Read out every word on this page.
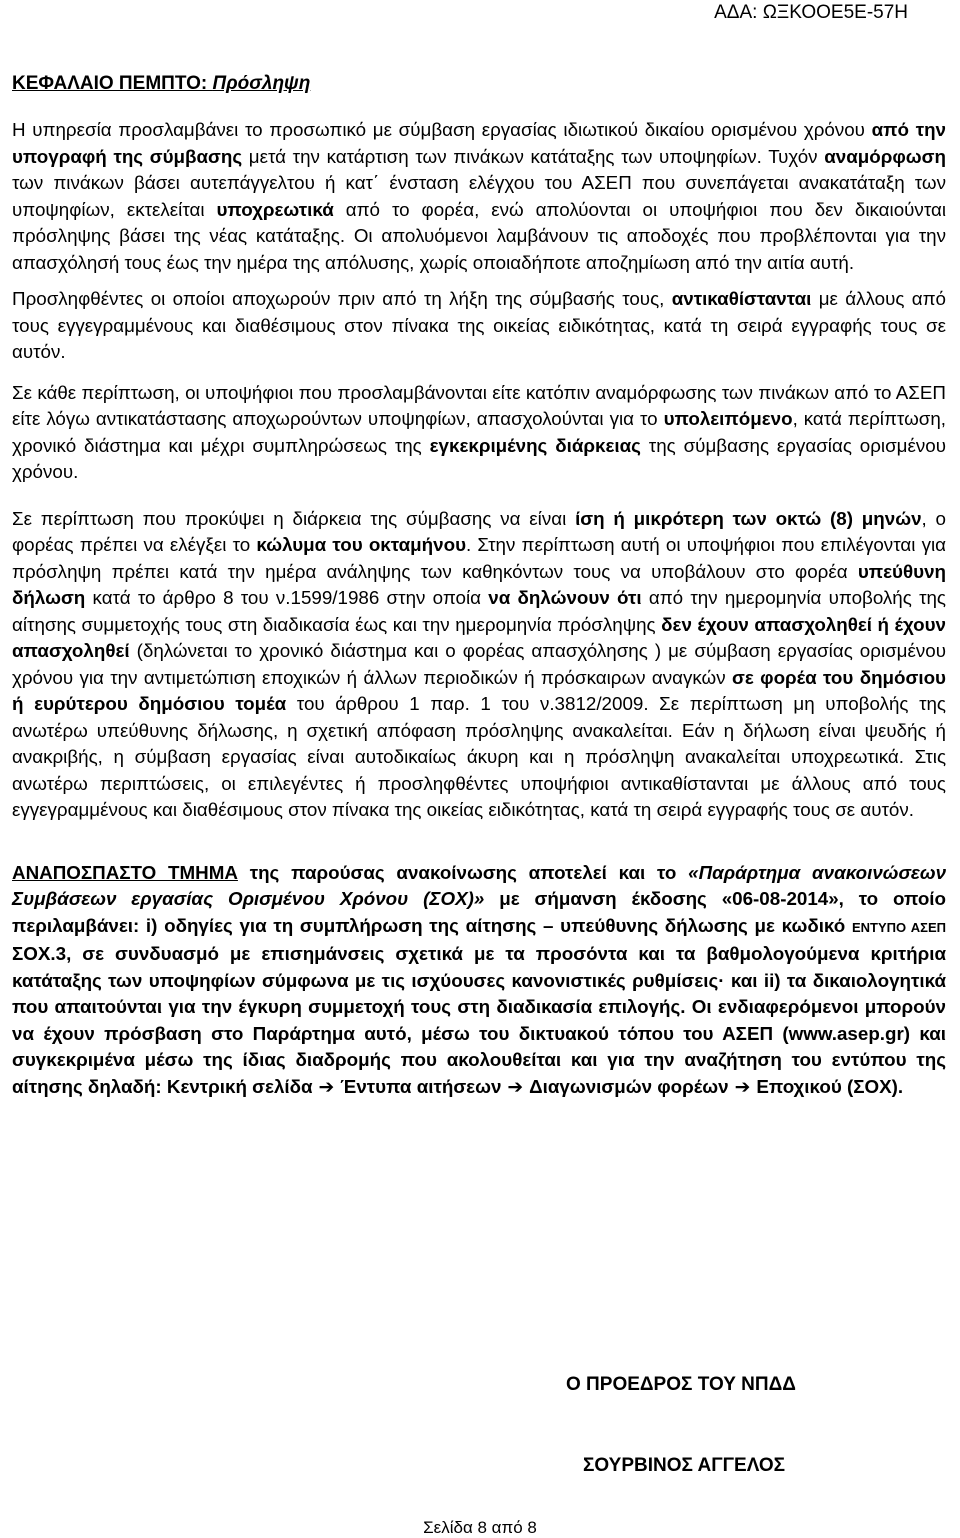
ΑΔΑ: ΩΞΚΟΟΕ5Ε-57Η
ΚΕΦΑΛΑΙΟ ΠΕΜΠΤΟ: Πρόσληψη

Η υπηρεσία προσλαμβάνει το προσωπικό με σύμβαση εργασίας ιδιωτικού δικαίου ορισμένου χρόνου από την υπογραφή της σύμβασης μετά την κατάρτιση των πινάκων κατάταξης των υποψηφίων. Τυχόν αναμόρφωση των πινάκων βάσει αυτεπάγγελτου ή κατ΄ ένσταση ελέγχου του ΑΣΕΠ που συνεπάγεται ανακατάταξη των υποψηφίων, εκτελείται υποχρεωτικά από το φορέα, ενώ απολύονται οι υποψήφιοι που δεν δικαιούνται πρόσληψης βάσει της νέας κατάταξης. Οι απολυόμενοι λαμβάνουν τις αποδοχές που προβλέπονται για την απασχόλησή τους έως την ημέρα της απόλυσης, χωρίς οποιαδήποτε αποζημίωση από την αιτία αυτή.

Προσληφθέντες οι οποίοι αποχωρούν πριν από τη λήξη της σύμβασής τους, αντικαθίστανται με άλλους από τους εγγεγραμμένους και διαθέσιμους στον πίνακα της οικείας ειδικότητας, κατά τη σειρά εγγραφής τους σε αυτόν.

Σε κάθε περίπτωση, οι υποψήφιοι που προσλαμβάνονται είτε κατόπιν αναμόρφωσης των πινάκων από το ΑΣΕΠ είτε λόγω αντικατάστασης αποχωρούντων υποψηφίων, απασχολούνται για το υπολειπόμενο, κατά περίπτωση, χρονικό διάστημα και μέχρι συμπληρώσεως της εγκεκριμένης διάρκειας της σύμβασης εργασίας ορισμένου χρόνου.

Σε περίπτωση που προκύψει η διάρκεια της σύμβασης να είναι ίση ή μικρότερη των οκτώ (8) μηνών, ο φορέας πρέπει να ελέγξει το κώλυμα του οκταμήνου. Στην περίπτωση αυτή οι υποψήφιοι που επιλέγονται για πρόσληψη πρέπει κατά την ημέρα ανάληψης των καθηκόντων τους να υποβάλουν στο φορέα υπεύθυνη δήλωση κατά το άρθρο 8 του ν.1599/1986 στην οποία να δηλώνουν ότι από την ημερομηνία υποβολής της αίτησης συμμετοχής τους στη διαδικασία έως και την ημερομηνία πρόσληψης δεν έχουν απασχοληθεί ή έχουν απασχοληθεί (δηλώνεται το χρονικό διάστημα και ο φορέας απασχόλησης ) με σύμβαση εργασίας ορισμένου χρόνου για την αντιμετώπιση εποχικών ή άλλων περιοδικών ή πρόσκαιρων αναγκών σε φορέα του δημόσιου ή ευρύτερου δημόσιου τομέα του άρθρου 1 παρ. 1 του ν.3812/2009. Σε περίπτωση μη υποβολής της ανωτέρω υπεύθυνης δήλωσης, η σχετική απόφαση πρόσληψης ανακαλείται. Εάν η δήλωση είναι ψευδής ή ανακριβής, η σύμβαση εργασίας είναι αυτοδικαίως άκυρη και η πρόσληψη ανακαλείται υποχρεωτικά. Στις ανωτέρω περιπτώσεις, οι επιλεγέντες ή προσληφθέντες υποψήφιοι αντικαθίστανται με άλλους από τους εγγεγραμμένους και διαθέσιμους στον πίνακα της οικείας ειδικότητας, κατά τη σειρά εγγραφής τους σε αυτόν.

ΑΝΑΠΟΣΠΑΣΤΟ ΤΜΗΜΑ της παρούσας ανακοίνωσης αποτελεί και το «Παράρτημα ανακοινώσεων Συμβάσεων εργασίας Ορισμένου Χρόνου (ΣΟΧ)» με σήμανση έκδοσης «06-08-2014», το οποίο περιλαμβάνει: i) οδηγίες για τη συμπλήρωση της αίτησης – υπεύθυνης δήλωσης με κωδικό ΕΝΤΥΠΟ ΑΣΕΠ ΣΟΧ.3, σε συνδυασμό με επισημάνσεις σχετικά με τα προσόντα και τα βαθμολογούμενα κριτήρια κατάταξης των υποψηφίων σύμφωνα με τις ισχύουσες κανονιστικές ρυθμίσεις· και ii) τα δικαιολογητικά που απαιτούνται για την έγκυρη συμμετοχή τους στη διαδικασία επιλογής. Οι ενδιαφερόμενοι μπορούν να έχουν πρόσβαση στο Παράρτημα αυτό, μέσω του δικτυακού τόπου του ΑΣΕΠ (www.asep.gr) και συγκεκριμένα μέσω της ίδιας διαδρομής που ακολουθείται και για την αναζήτηση του εντύπου της αίτησης δηλαδή: Κεντρική σελίδα ➔ Έντυπα αιτήσεων ➔ Διαγωνισμών φορέων ➔ Εποχικού (ΣΟΧ).

Ο ΠΡΟΕΔΡΟΣ ΤΟΥ ΝΠΔΔ
ΣΟΥΡΒΙΝΟΣ ΑΓΓΕΛΟΣ
Σελίδα 8 από 8
